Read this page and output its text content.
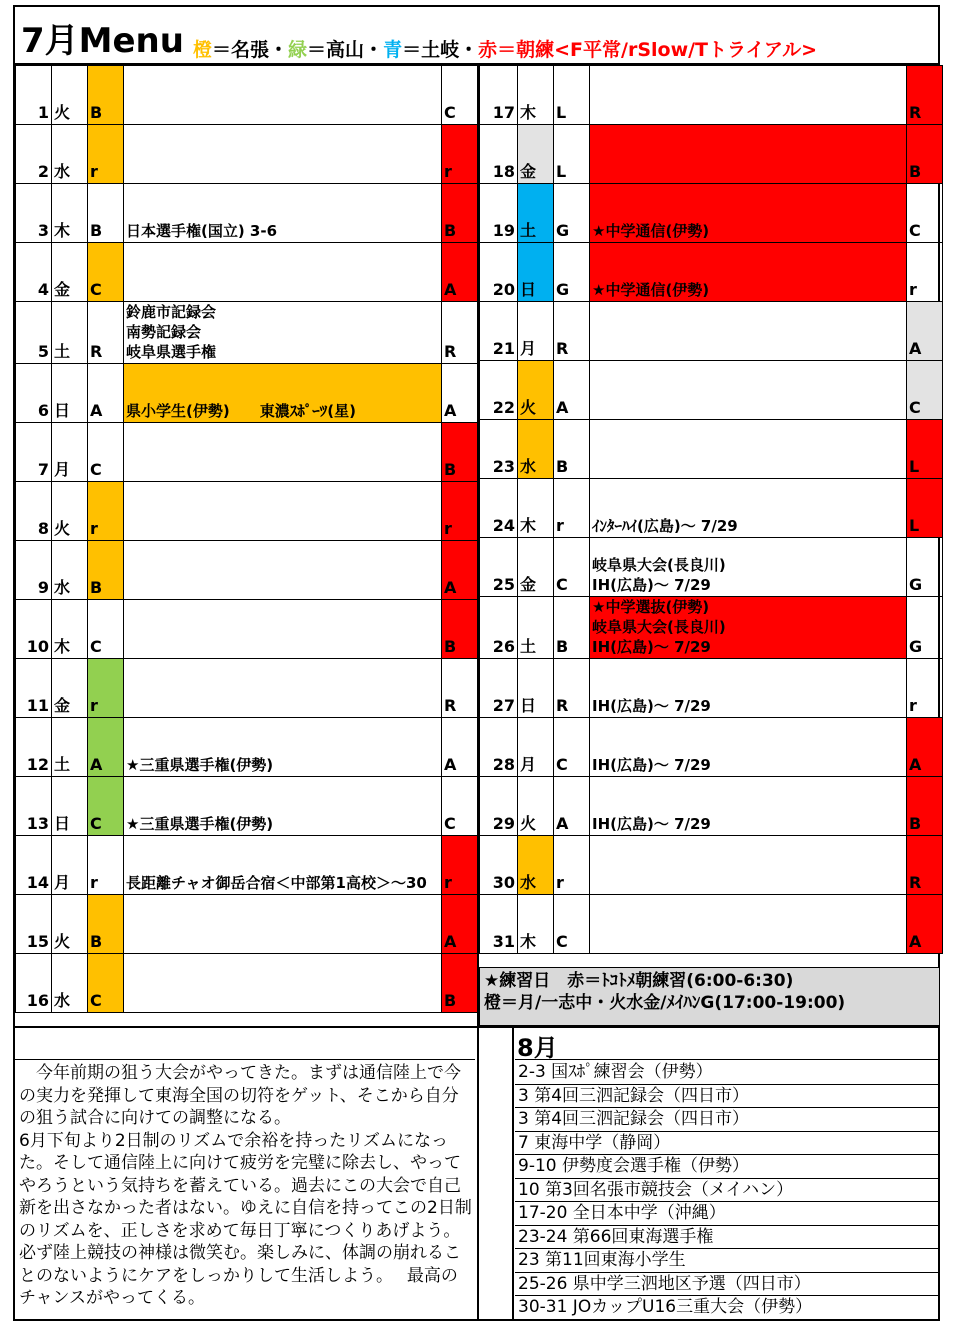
7月Menu 橙＝名張・緑＝高山・青＝土岐・赤＝朝練<F平常/rSlow/Tトライアル>
1	火	B		C
2	水	r		r
3	木	B	日本選手権(国立) 3-6	B
4	金	C		A
5	土	R	鈴鹿市記録会
南勢記録会
岐阜県選手権	R
6	日	A	県小学生(伊勢)　　東濃ｽﾎﾟｰﾂ(星)	A
7	月	C		B
8	火	r		r
9	水	B		A
10	木	C		B
11	金	r		R
12	土	A	★三重県選手権(伊勢)	A
13	日	C	★三重県選手権(伊勢)	C
14	月	r	長距離チャオ御岳合宿＜中部第1高校＞～30	r
15	火	B		A
16	水	C		B
17	木	L		R
18	金	L		B
19	土	G	★中学通信(伊勢)	C
20	日	G	★中学通信(伊勢)	r
21	月	R		A
22	火	A		C
23	水	B		L
24	木	r	ｲﾝﾀｰﾊｲ(広島)～ 7/29	L
25	金	C	岐阜県大会(長良川)
IH(広島)～ 7/29	G
26	土	B	★中学選抜(伊勢)
岐阜県大会(長良川)
IH(広島)～ 7/29	G
27	日	R	IH(広島)～ 7/29	r
28	月	C	IH(広島)～ 7/29	A
29	火	A	IH(広島)～ 7/29	B
30	水	r		R
31	木	C		A
★練習日　赤＝ﾄｺﾄﾒ朝練習(6:00-6:30)　　　　　　　　 橙＝月/一志中・火水金/ﾒｲﾊﾝG(17:00-19:00)
　今年前期の狙う大会がやってきた。まずは通信陸上で今の実力を発揮して東海全国の切符をゲット、そこから自分の狙う試合に向けての調整になる。
6月下旬より2日制のリズムで余裕を持ったリズムになった。そして通信陸上に向けて疲労を完璧に除去し、やってやろうという気持ちを蓄えている。過去にこの大会で自己新を出さなかった者はない。ゆえに自信を持ってこの2日制のリズムを、正しさを求めて毎日丁寧につくりあげよう。必ず陸上競技の神様は微笑む。楽しみに、体調の崩れることのないようにケアをしっかりして生活しよう。　 最高のチャンスがやってくる。
8月
2-3 国ｽﾎﾟ練習会（伊勢）
3 第4回三泗記録会（四日市）
3 第4回三泗記録会（四日市）
7 東海中学（静岡）
9-10 伊勢度会選手権（伊勢）
10 第3回名張市競技会（メイハン）
17-20 全日本中学（沖縄）
23-24 第66回東海選手権
23 第11回東海小学生
25-26 県中学三泗地区予選（四日市）
30-31 JOカップU16三重大会（伊勢）
